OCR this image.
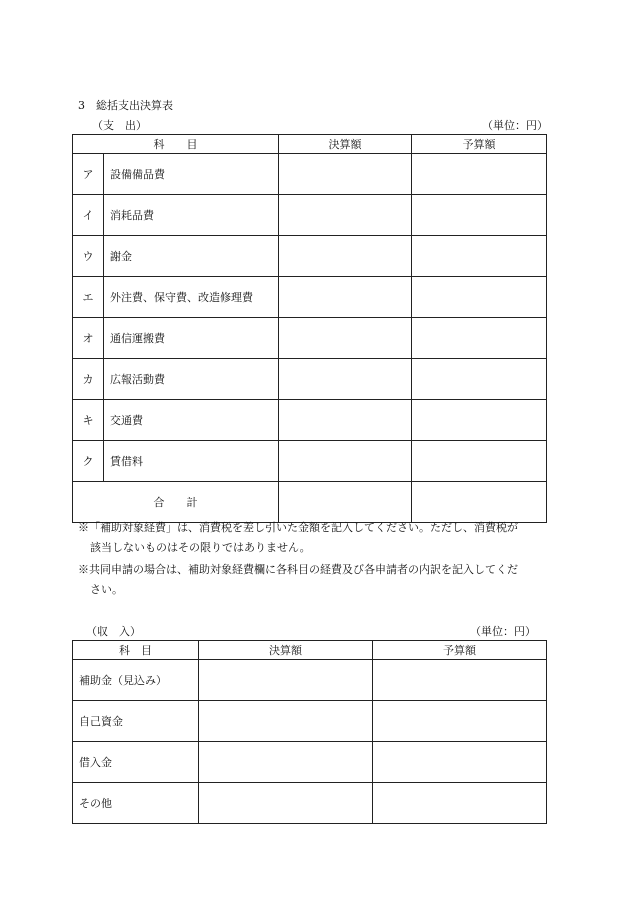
3　総括支出決算表
（支　出）	（単位：円）
科　　目		決算額	予算額
ア	設備備品費		
イ	消耗品費		
ウ	謝金		
エ	外注費、保守費、改造修理費		
オ	通信運搬費		
カ	広報活動費		
キ	交通費		
ク	賃借料		
合　　計			
※「補助対象経費」は、消費税を差し引いた金額を記入してください。ただし、消費税が
該当しないものはその限りではありません。
※共同申請の場合は、補助対象経費欄に各科目の経費及び各申請者の内訳を記入してくだ
さい。
（収　入）	（単位：円）
科　目	決算額	予算額
補助金（見込み）		
自己資金		
借入金		
その他		
